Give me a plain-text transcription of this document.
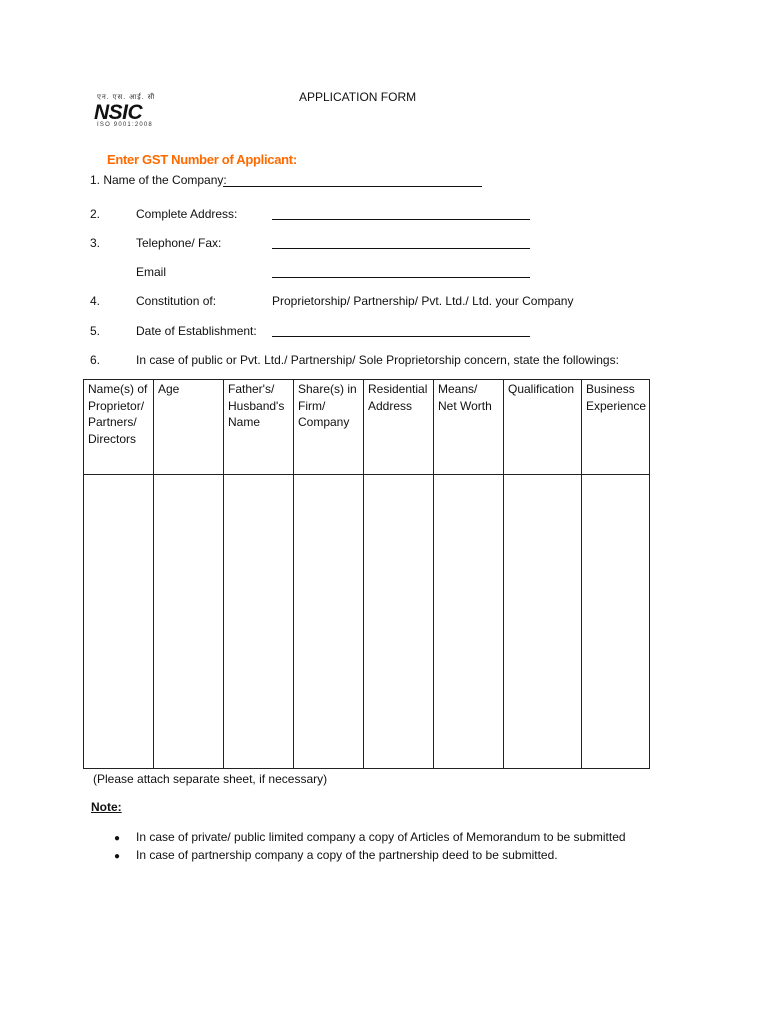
एन. एस. आई. सी
NSIC
ISO 9001:2008
APPLICATION FORM
Enter GST Number of Applicant:
1. Name of the Company:
2.	Complete Address:
3.	Telephone/ Fax:
Email
4.	Constitution of:	Proprietorship/ Partnership/ Pvt. Ltd./ Ltd. your Company
5.	Date of Establishment:
6.	In case of public or Pvt. Ltd./ Partnership/ Sole Proprietorship concern, state the followings:
Name(s) of Proprietor/ Partners/ Directors	Age	Father's/ Husband's Name	Share(s) in Firm/ Company	Residential Address	Means/ Net Worth	Qualification	Business Experience

(Please attach separate sheet, if necessary)
Note:
● In case of private/ public limited company a copy of Articles of Memorandum to be submitted
● In case of partnership company a copy of the partnership deed to be submitted.
